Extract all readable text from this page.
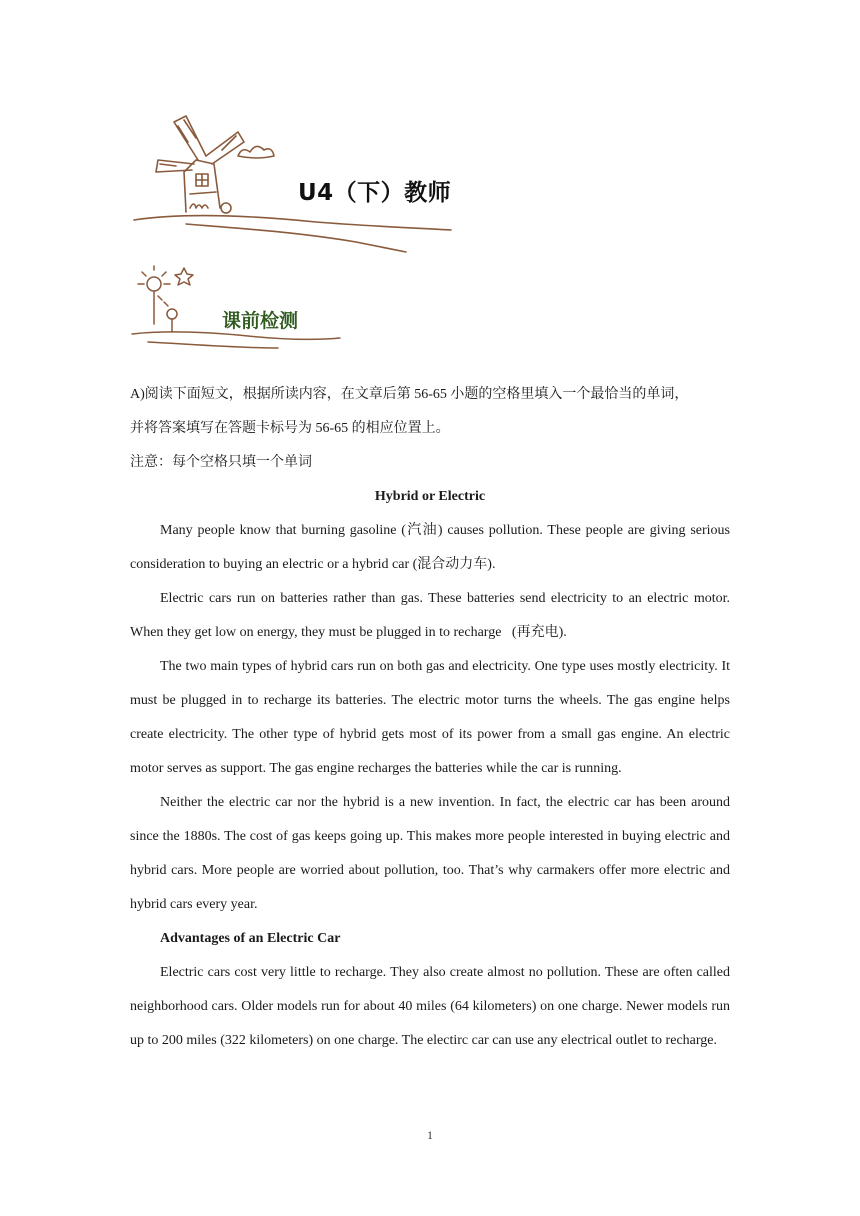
U4（下）教师
课前检测

A)阅读下面短文，根据所读内容，在文章后第 56-65 小题的空格里填入一个最恰当的单词，

并将答案填写在答题卡标号为 56-65 的相应位置上。

注意：每个空格只填一个单词

Hybrid or Electric

Many people know that burning gasoline (汽油) causes pollution. These people are giving serious consideration to buying an electric or a hybrid car (混合动力车).

Electric cars run on batteries rather than gas. These batteries send electricity to an electric motor. When they get low on energy, they must be plugged in to recharge   (再充电).

The two main types of hybrid cars run on both gas and electricity. One type uses mostly electricity. It must be plugged in to recharge its batteries. The electric motor turns the wheels. The gas engine helps create electricity. The other type of hybrid gets most of its power from a small gas engine. An electric motor serves as support. The gas engine recharges the batteries while the car is running.

Neither the electric car nor the hybrid is a new invention. In fact, the electric car has been around since the 1880s. The cost of gas keeps going up. This makes more people interested in buying electric and hybrid cars. More people are worried about pollution, too. That’s why carmakers offer more electric and hybrid cars every year.

Advantages of an Electric Car

Electric cars cost very little to recharge. They also create almost no pollution. These are often called neighborhood cars. Older models run for about 40 miles (64 kilometers) on one charge. Newer models run up to 200 miles (322 kilometers) on one charge. The electirc car can use any electrical outlet to recharge.

1
